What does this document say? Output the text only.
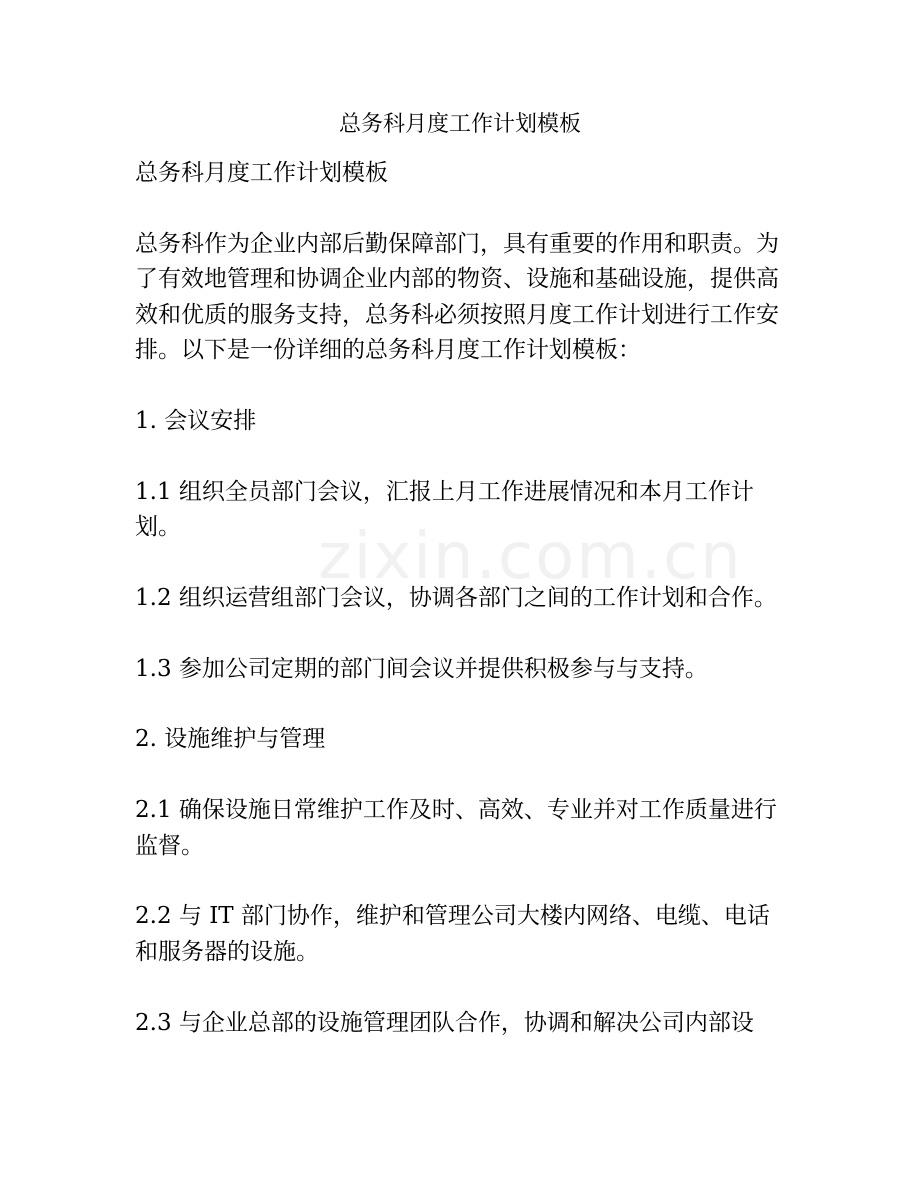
zixin.com.cn
总务科月度工作计划模板

总务科月度工作计划模板

总务科作为企业内部后勤保障部门，具有重要的作用和职责。为了有效地管理和协调企业内部的物资、设施和基础设施，提供高效和优质的服务支持，总务科必须按照月度工作计划进行工作安排。以下是一份详细的总务科月度工作计划模板：

1. 会议安排

1.1 组织全员部门会议，汇报上月工作进展情况和本月工作计划。

1.2 组织运营组部门会议，协调各部门之间的工作计划和合作。

1.3 参加公司定期的部门间会议并提供积极参与与支持。

2. 设施维护与管理

2.1 确保设施日常维护工作及时、高效、专业并对工作质量进行监督。

2.2 与 IT 部门协作，维护和管理公司大楼内网络、电缆、电话和服务器的设施。

2.3 与企业总部的设施管理团队合作，协调和解决公司内部设
